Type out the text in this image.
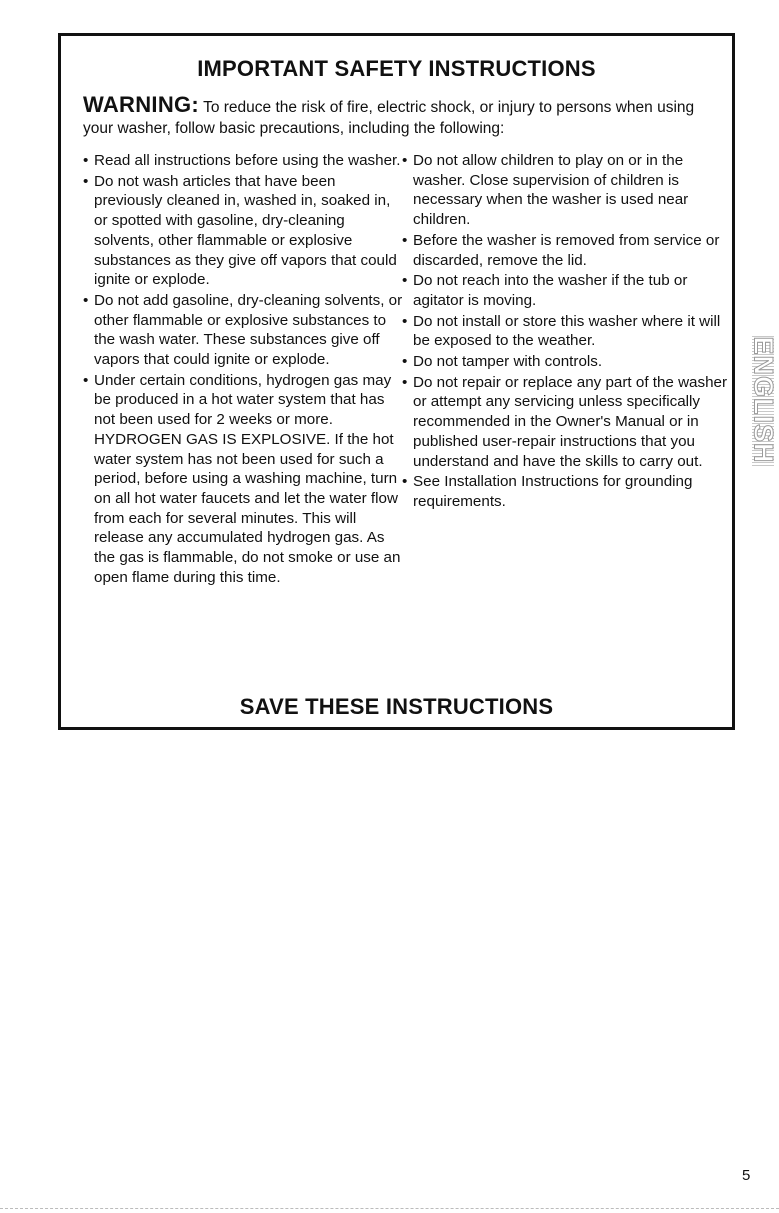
IMPORTANT SAFETY INSTRUCTIONS

WARNING: To reduce the risk of fire, electric shock, or injury to persons when using your washer, follow basic precautions, including the following:

• Read all instructions before using the washer.
• Do not wash articles that have been previously cleaned in, washed in, soaked in, or spotted with gasoline, dry-cleaning solvents, other flammable or explosive substances as they give off vapors that could ignite or explode.
• Do not add gasoline, dry-cleaning solvents, or other flammable or explosive substances to the wash water. These substances give off vapors that could ignite or explode.
• Under certain conditions, hydrogen gas may be produced in a hot water system that has not been used for 2 weeks or more. HYDROGEN GAS IS EXPLOSIVE. If the hot water system has not been used for such a period, before using a washing machine, turn on all hot water faucets and let the water flow from each for several minutes. This will release any accumulated hydrogen gas. As the gas is flammable, do not smoke or use an open flame during this time.
• Do not allow children to play on or in the washer. Close supervision of children is necessary when the washer is used near children.
• Before the washer is removed from service or discarded, remove the lid.
• Do not reach into the washer if the tub or agitator is moving.
• Do not install or store this washer where it will be exposed to the weather.
• Do not tamper with controls.
• Do not repair or replace any part of the washer or attempt any servicing unless specifically recommended in the Owner's Manual or in published user-repair instructions that you understand and have the skills to carry out.
• See Installation Instructions for grounding requirements.
SAVE THESE INSTRUCTIONS
ENGLISH
5
